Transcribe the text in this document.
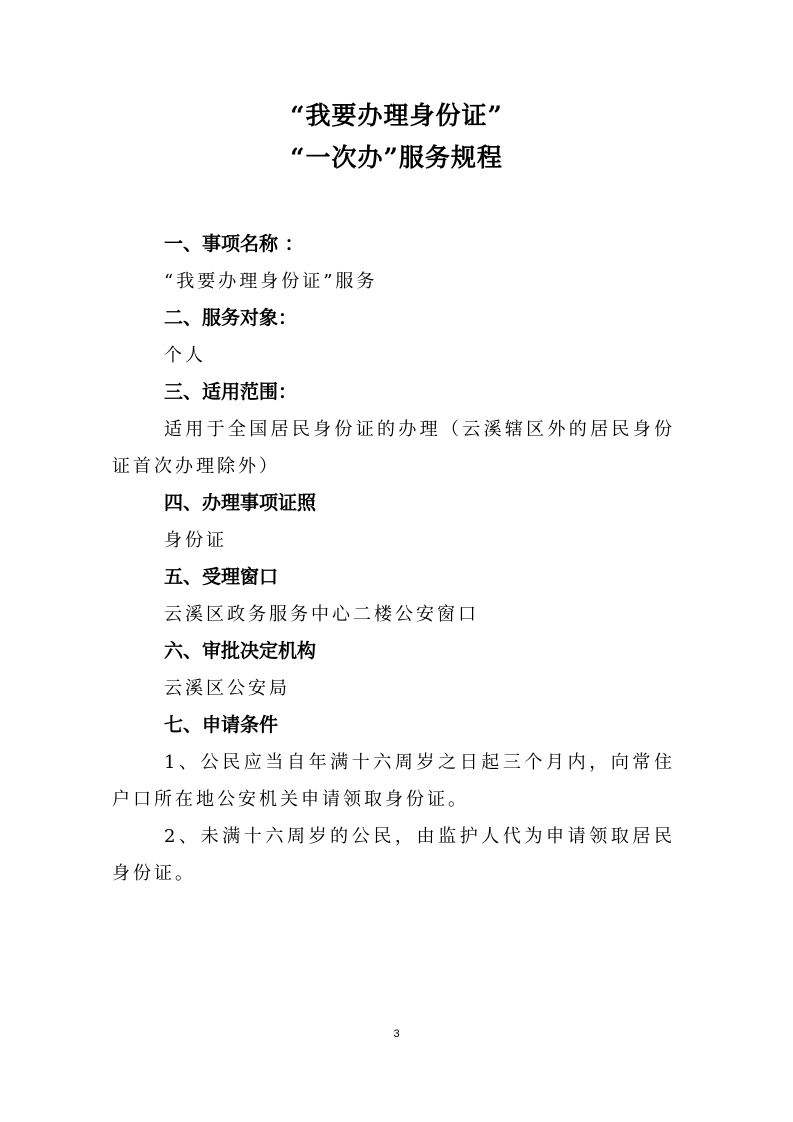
“我要办理身份证”
“一次办”服务规程
一、事项名称 ：
“我要办理身份证”服务
二、服务对象：
个人
三、适用范围：
适用于全国居民身份证的办理（云溪辖区外的居民身份证首次办理除外）
四、办理事项证照
身份证
五、受理窗口
云溪区政务服务中心二楼公安窗口
六、审批决定机构
云溪区公安局
七、申请条件
1、公民应当自年满十六周岁之日起三个月内，向常住户口所在地公安机关申请领取身份证。
2、未满十六周岁的公民，由监护人代为申请领取居民身份证。
3
